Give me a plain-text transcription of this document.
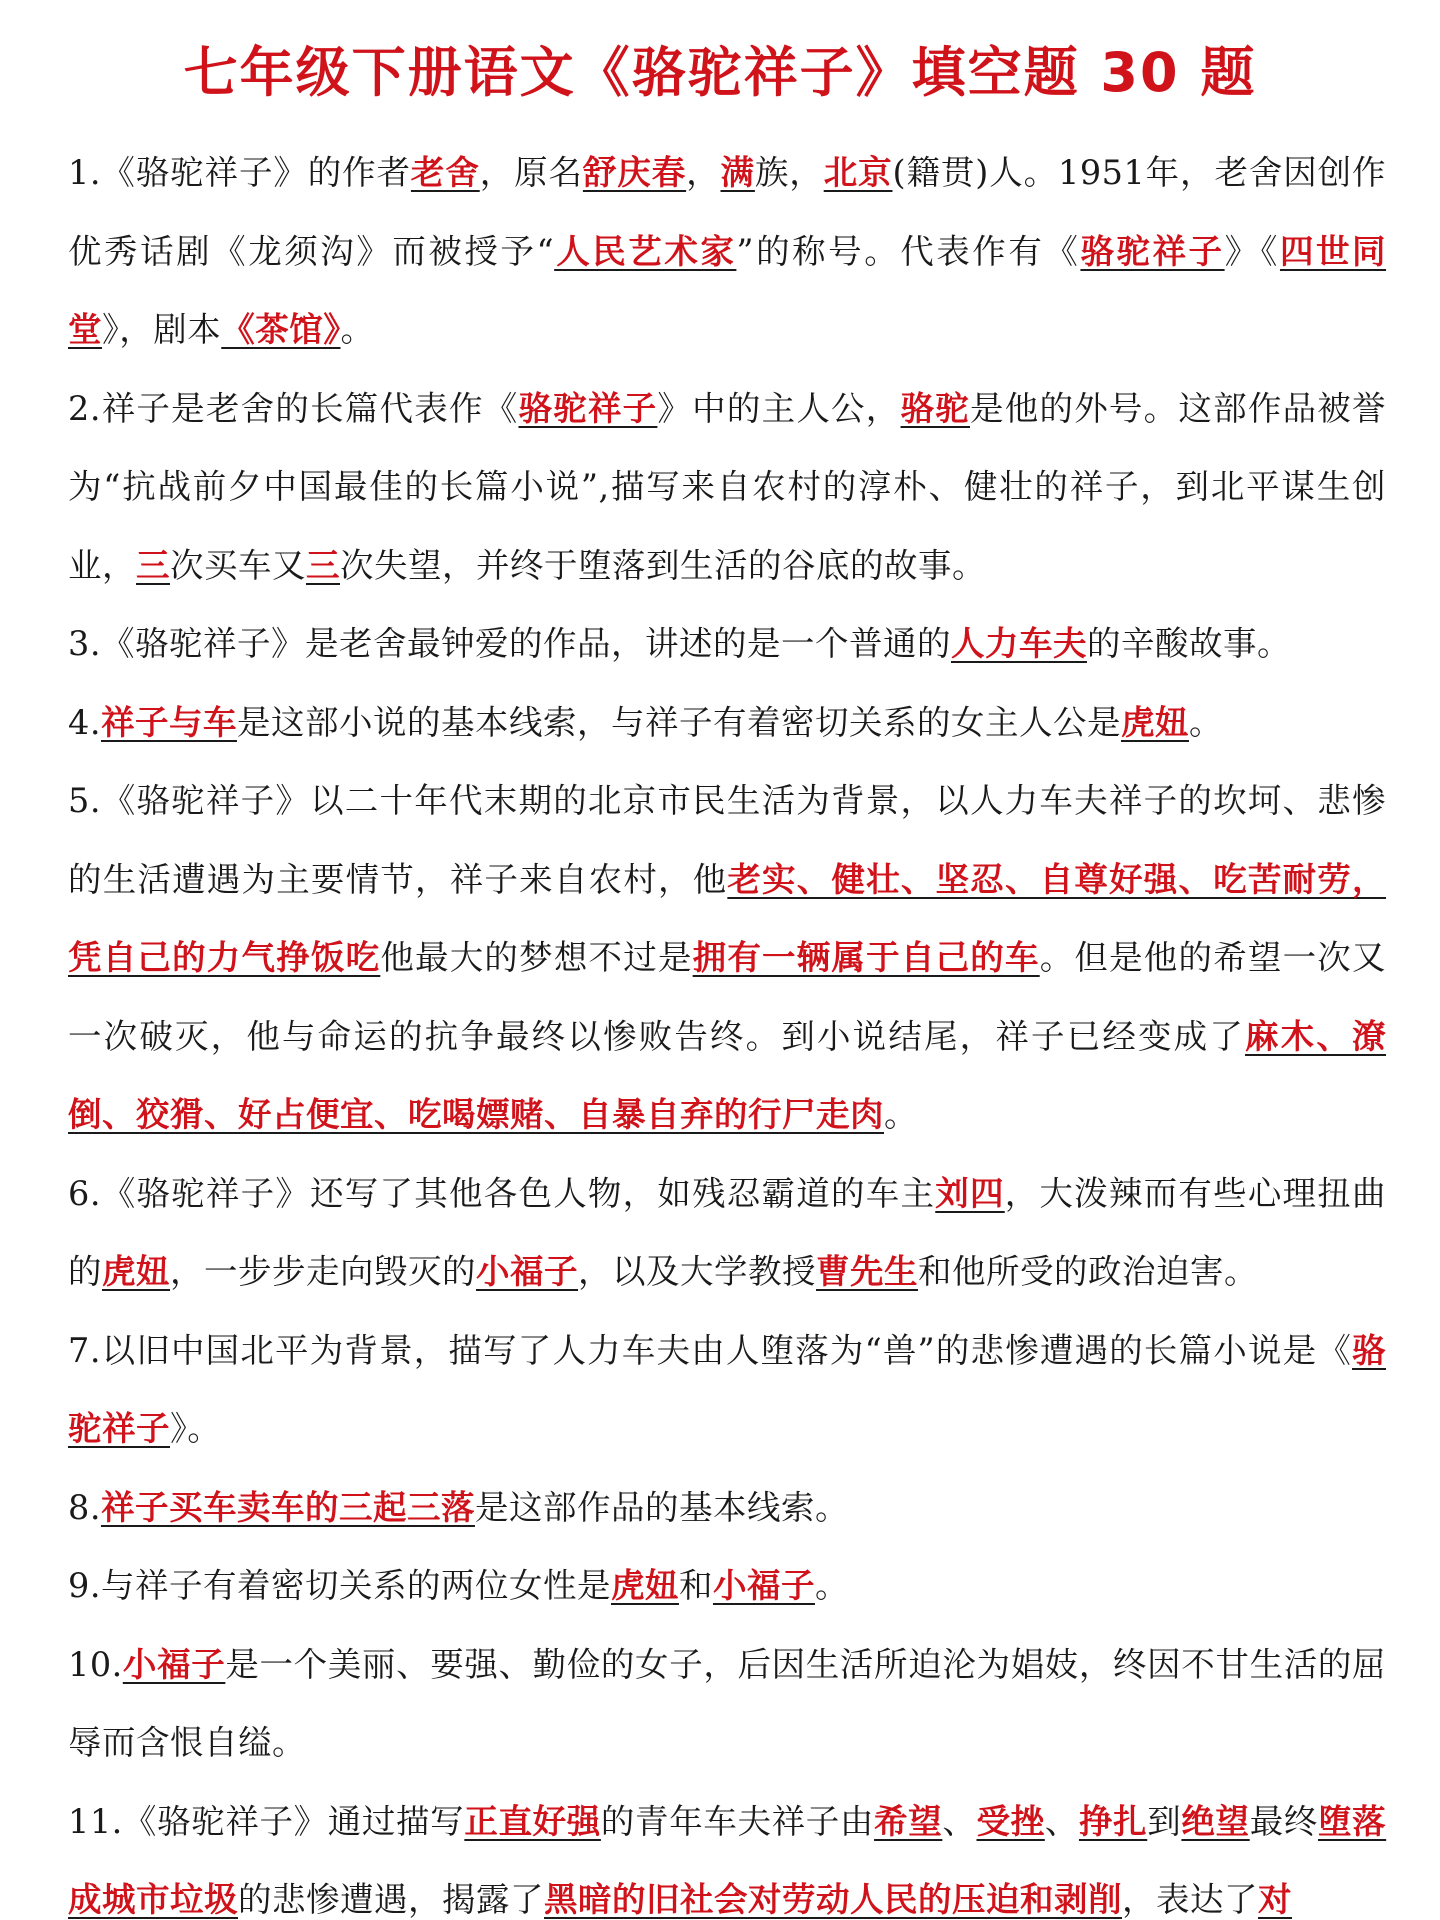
七年级下册语文《骆驼祥子》填空题 30 题

1.《骆驼祥子》的作者老舍，原名舒庆春，满族，北京(籍贯)人。1951年，老舍因创作优秀话剧《龙须沟》而被授予“人民艺术家”的称号。代表作有《骆驼祥子》《四世同堂》，剧本《茶馆》。

2.祥子是老舍的长篇代表作《骆驼祥子》中的主人公，骆驼是他的外号。这部作品被誉为“抗战前夕中国最佳的长篇小说”,描写来自农村的淳朴、健壮的祥子，到北平谋生创业，三次买车又三次失望，并终于堕落到生活的谷底的故事。

3.《骆驼祥子》是老舍最钟爱的作品，讲述的是一个普通的人力车夫的辛酸故事。

4.祥子与车是这部小说的基本线索，与祥子有着密切关系的女主人公是虎妞。

5.《骆驼祥子》以二十年代末期的北京市民生活为背景，以人力车夫祥子的坎坷、悲惨的生活遭遇为主要情节，祥子来自农村，他老实、健壮、坚忍、自尊好强、吃苦耐劳，凭自己的力气挣饭吃他最大的梦想不过是拥有一辆属于自己的车。但是他的希望一次又一次破灭，他与命运的抗争最终以惨败告终。到小说结尾，祥子已经变成了麻木、潦倒、狡猾、好占便宜、吃喝嫖赌、自暴自弃的行尸走肉。

6.《骆驼祥子》还写了其他各色人物，如残忍霸道的车主刘四，大泼辣而有些心理扭曲的虎妞，一步步走向毁灭的小福子，以及大学教授曹先生和他所受的政治迫害。

7.以旧中国北平为背景，描写了人力车夫由人堕落为“兽”的悲惨遭遇的长篇小说是《骆驼祥子》。

8.祥子买车卖车的三起三落是这部作品的基本线索。

9.与祥子有着密切关系的两位女性是虎妞和小福子。

10.小福子是一个美丽、要强、勤俭的女子，后因生活所迫沦为娼妓，终因不甘生活的屈辱而含恨自缢。

11.《骆驼祥子》通过描写正直好强的青年车夫祥子由希望、受挫、挣扎到绝望最终堕落成城市垃圾的悲惨遭遇，揭露了黑暗的旧社会对劳动人民的压迫和剥削，表达了对
